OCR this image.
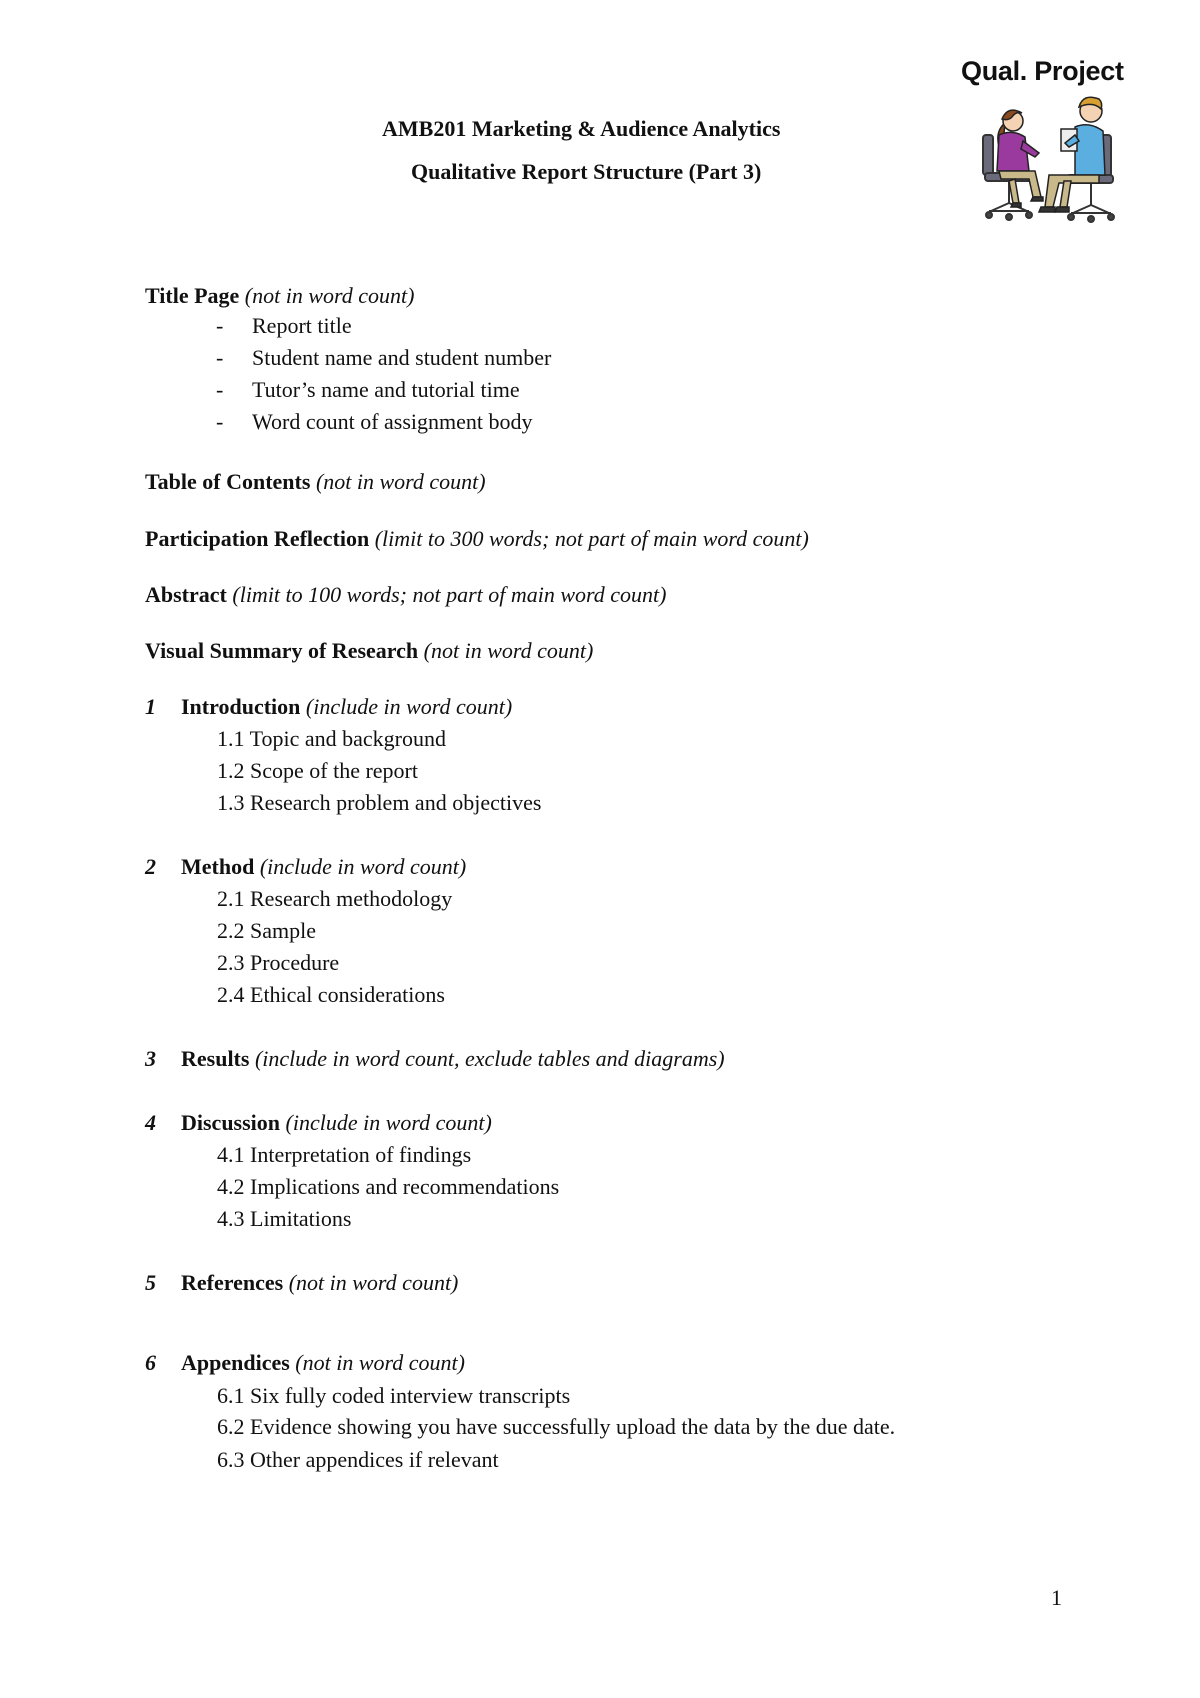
Qual. Project
AMB201 Marketing & Audience Analytics
Qualitative Report Structure (Part 3)
Title Page (not in word count)
- Report title
- Student name and student number
- Tutor’s name and tutorial time
- Word count of assignment body
Table of Contents (not in word count)
Participation Reflection (limit to 300 words; not part of main word count)
Abstract (limit to 100 words; not part of main word count)
Visual Summary of Research (not in word count)
1 Introduction (include in word count)
1.1 Topic and background
1.2 Scope of the report
1.3 Research problem and objectives
2 Method (include in word count)
2.1 Research methodology
2.2 Sample
2.3 Procedure
2.4 Ethical considerations
3 Results (include in word count, exclude tables and diagrams)
4 Discussion (include in word count)
4.1 Interpretation of findings
4.2 Implications and recommendations
4.3 Limitations
5 References (not in word count)
6 Appendices (not in word count)
6.1 Six fully coded interview transcripts
6.2 Evidence showing you have successfully upload the data by the due date.
6.3 Other appendices if relevant
1
